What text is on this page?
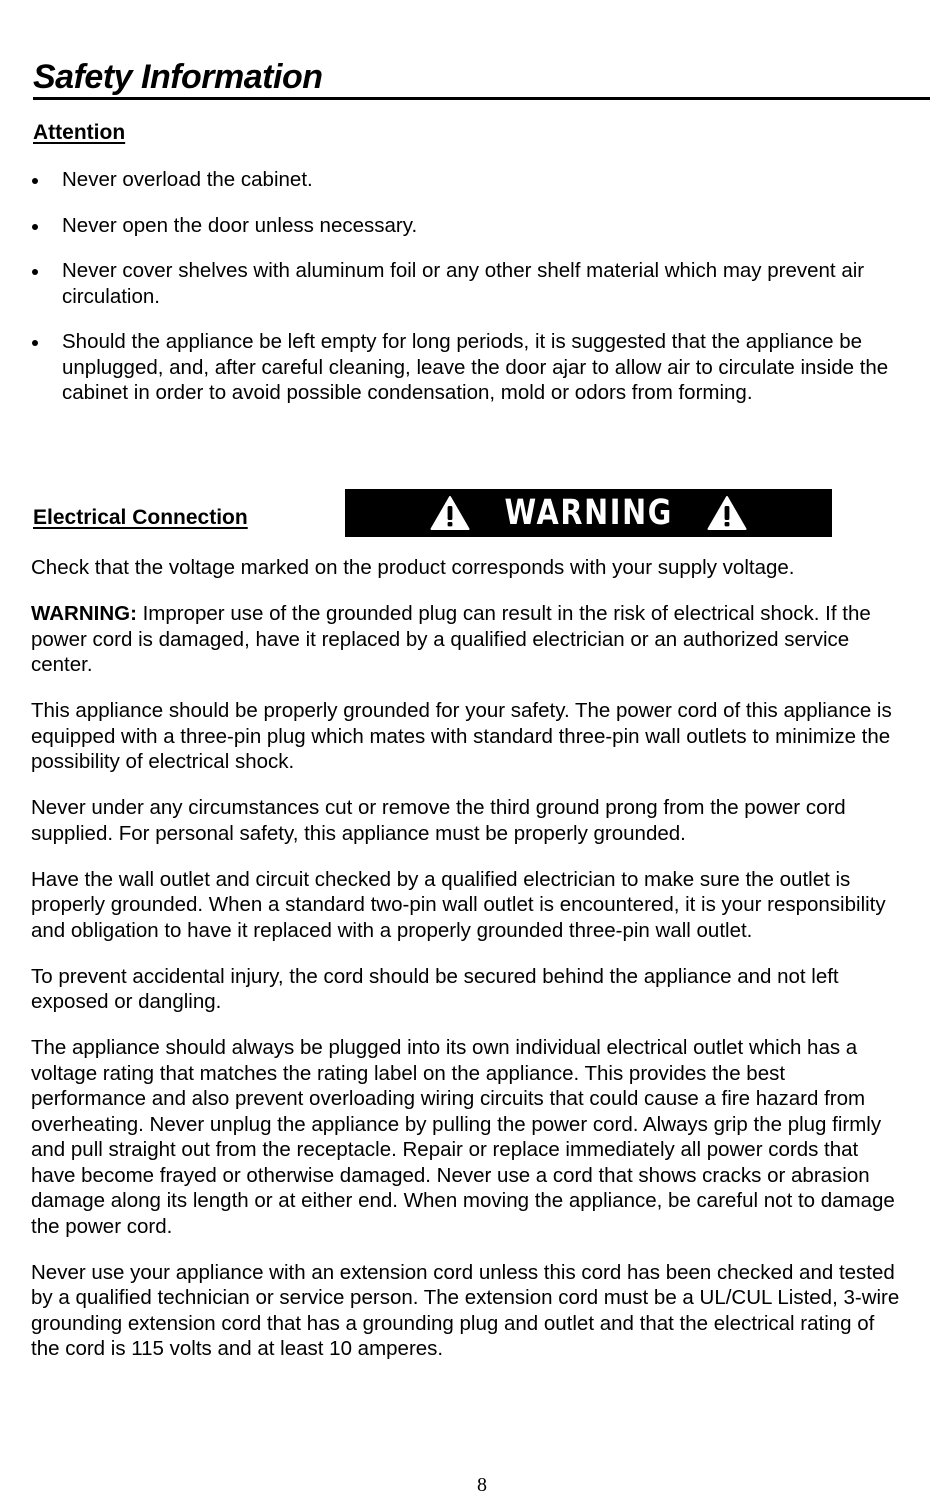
Safety Information
Attention
Never overload the cabinet.
Never open the door unless necessary.
Never cover shelves with aluminum foil or any other shelf material which may prevent air circulation.
Should the appliance be left empty for long periods, it is suggested that the appliance be unplugged, and, after careful cleaning, leave the door ajar to allow air to circulate inside the cabinet in order to avoid possible condensation, mold or odors from forming.
Electrical Connection	WARNING

Check that the voltage marked on the product corresponds with your supply voltage.

WARNING: Improper use of the grounded plug can result in the risk of electrical shock. If the power cord is damaged, have it replaced by a qualified electrician or an authorized service center.

This appliance should be properly grounded for your safety. The power cord of this appliance is equipped with a three-pin plug which mates with standard three-pin wall outlets to minimize the possibility of electrical shock.

Never under any circumstances cut or remove the third ground prong from the power cord supplied. For personal safety, this appliance must be properly grounded.

Have the wall outlet and circuit checked by a qualified electrician to make sure the outlet is properly grounded. When a standard two-pin wall outlet is encountered, it is your responsibility and obligation to have it replaced with a properly grounded three-pin wall outlet.

To prevent accidental injury, the cord should be secured behind the appliance and not left exposed or dangling.

The appliance should always be plugged into its own individual electrical outlet which has a voltage rating that matches the rating label on the appliance. This provides the best performance and also prevent overloading wiring circuits that could cause a fire hazard from overheating. Never unplug the appliance by pulling the power cord. Always grip the plug firmly and pull straight out from the receptacle. Repair or replace immediately all power cords that have become frayed or otherwise damaged. Never use a cord that shows cracks or abrasion damage along its length or at either end. When moving the appliance, be careful not to damage the power cord.

Never use your appliance with an extension cord unless this cord has been checked and tested by a qualified technician or service person. The extension cord must be a UL/CUL Listed, 3-wire grounding extension cord that has a grounding plug and outlet and that the electrical rating of the cord is 115 volts and at least 10 amperes.

8
